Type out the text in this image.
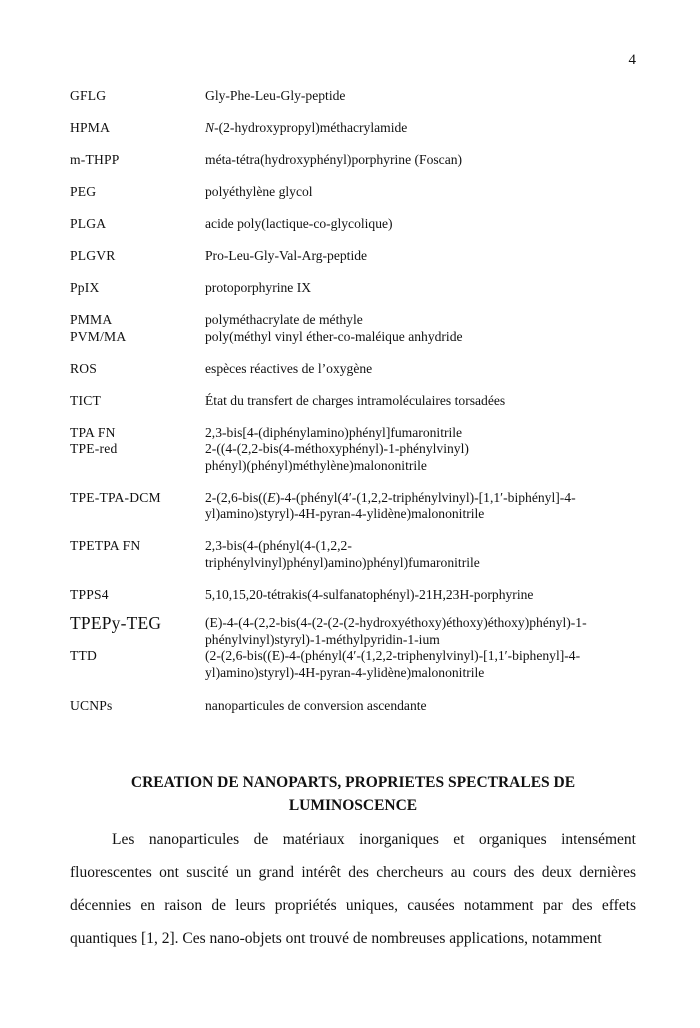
4
GFLG	Gly-Phe-Leu-Gly-peptide
HPMA	N-(2-hydroxypropyl)méthacrylamide
m-THPP	méta-tétra(hydroxyphényl)porphyrine (Foscan)
PEG	polyéthylène glycol
PLGA	acide poly(lactique-co-glycolique)
PLGVR	Pro-Leu-Gly-Val-Arg-peptide
PpIX	protoporphyrine IX
PMMA	polyméthacrylate de méthyle
PVM/MA	poly(méthyl vinyl éther-co-maléique anhydride
ROS	espèces réactives de l’oxygène
TICT	État du transfert de charges intramoléculaires torsadées
TPA FN	2,3-bis[4-(diphénylamino)phényl]fumaronitrile
TPE-red	2-((4-(2,2-bis(4-méthoxyphényl)-1-phénylvinyl)
phényl)(phényl)méthylène)malononitrile
TPE-TPA-DCM	2-(2,6-bis((E)-4-(phényl(4′-(1,2,2-triphénylvinyl)-[1,1′-biphényl]-4-
yl)amino)styryl)-4H-pyran-4-ylidène)malononitrile
TPETPA FN	2,3-bis(4-(phényl(4-(1,2,2-
triphénylvinyl)phényl)amino)phényl)fumaronitrile
TPPS4	5,10,15,20-tétrakis(4-sulfanatophényl)-21H,23H-porphyrine
TPEPy-TEG	(E)-4-(4-(2,2-bis(4-(2-(2-(2-hydroxyéthoxy)éthoxy)éthoxy)phényl)-1-
phénylvinyl)styryl)-1-méthylpyridin-1-ium
TTD	(2-(2,6-bis((E)-4-(phényl(4′-(1,2,2-triphenylvinyl)-[1,1′-biphenyl]-4-
yl)amino)styryl)-4H-pyran-4-ylidène)malononitrile
UCNPs	nanoparticules de conversion ascendante
CREATION DE NANOPARTS, PROPRIETES SPECTRALES DE
LUMINOSCENCE
Les nanoparticules de matériaux inorganiques et organiques intensément
fluorescentes ont suscité un grand intérêt des chercheurs au cours des deux dernières
décennies en raison de leurs propriétés uniques, causées notamment par des effets
quantiques [1, 2]. Ces nano-objets ont trouvé de nombreuses applications, notamment
